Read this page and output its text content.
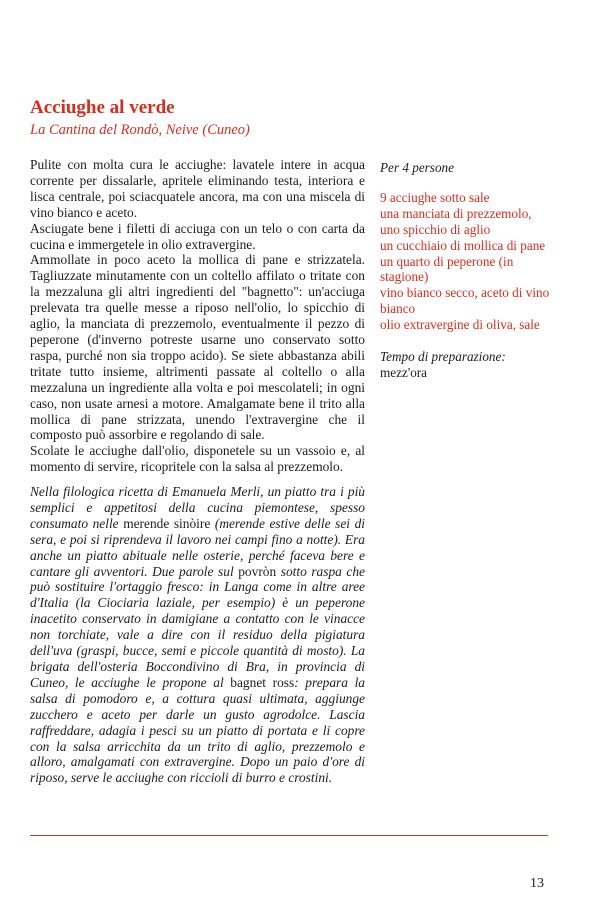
Acciughe al verde
La Cantina del Rondò, Neive (Cuneo)

Pulite con molta cura le acciughe: lavatele intere in acqua corrente per dissalarle, apritele eliminando testa, interiora e lisca centrale, poi sciacquatele ancora, ma con una miscela di vino bianco e aceto.

Asciugate bene i filetti di acciuga con un telo o con carta da cucina e immergetele in olio extravergine.

Ammollate in poco aceto la mollica di pane e strizzatela. Tagliuzzate minutamente con un coltello affilato o tritate con la mezzaluna gli altri ingredienti del "bagnetto": un'acciuga prelevata tra quelle messe a riposo nell'olio, lo spicchio di aglio, la manciata di prezzemolo, eventualmente il pezzo di peperone (d'inverno potreste usarne uno conservato sotto raspa, purché non sia troppo acido). Se siete abbastanza abili tritate tutto insieme, altrimenti passate al coltello o alla mezzaluna un ingrediente alla volta e poi mescolateli; in ogni caso, non usate arnesi a motore. Amalgamate bene il trito alla mollica di pane strizzata, unendo l'extravergine che il composto può assorbire e regolando di sale.

Scolate le acciughe dall'olio, disponetele su un vassoio e, al momento di servire, ricopritele con la salsa al prezzemolo.

Nella filologica ricetta di Emanuela Merli, un piatto tra i più semplici e appetitosi della cucina piemontese, spesso consumato nelle merende sinòire (merende estive delle sei di sera, e poi si riprendeva il lavoro nei campi fino a notte). Era anche un piatto abituale nelle osterie, perché faceva bere e cantare gli avventori. Due parole sul povròn sotto raspa che può sostituire l'ortaggio fresco: in Langa come in altre aree d'Italia (la Ciociaria laziale, per esempio) è un peperone inacetito conservato in damigiane a contatto con le vinacce non torchiate, vale a dire con il residuo della pigiatura dell'uva (graspi, bucce, semi e piccole quantità di mosto). La brigata dell'osteria Boccondivino di Bra, in provincia di Cuneo, le acciughe le propone al bagnet ross: prepara la salsa di pomodoro e, a cottura quasi ultimata, aggiunge zucchero e aceto per darle un gusto agrodolce. Lascia raffreddare, adagia i pesci su un piatto di portata e li copre con la salsa arricchita da un trito di aglio, prezzemolo e alloro, amalgamati con extravergine. Dopo un paio d'ore di riposo, serve le acciughe con riccioli di burro e crostini.
Per 4 persone
9 acciughe sotto sale
una manciata di prezzemolo,
uno spicchio di aglio
un cucchiaio di mollica di pane
un quarto di peperone (in stagione)
vino bianco secco, aceto di vino bianco
olio extravergine di oliva, sale
Tempo di preparazione:
mezz'ora
13
